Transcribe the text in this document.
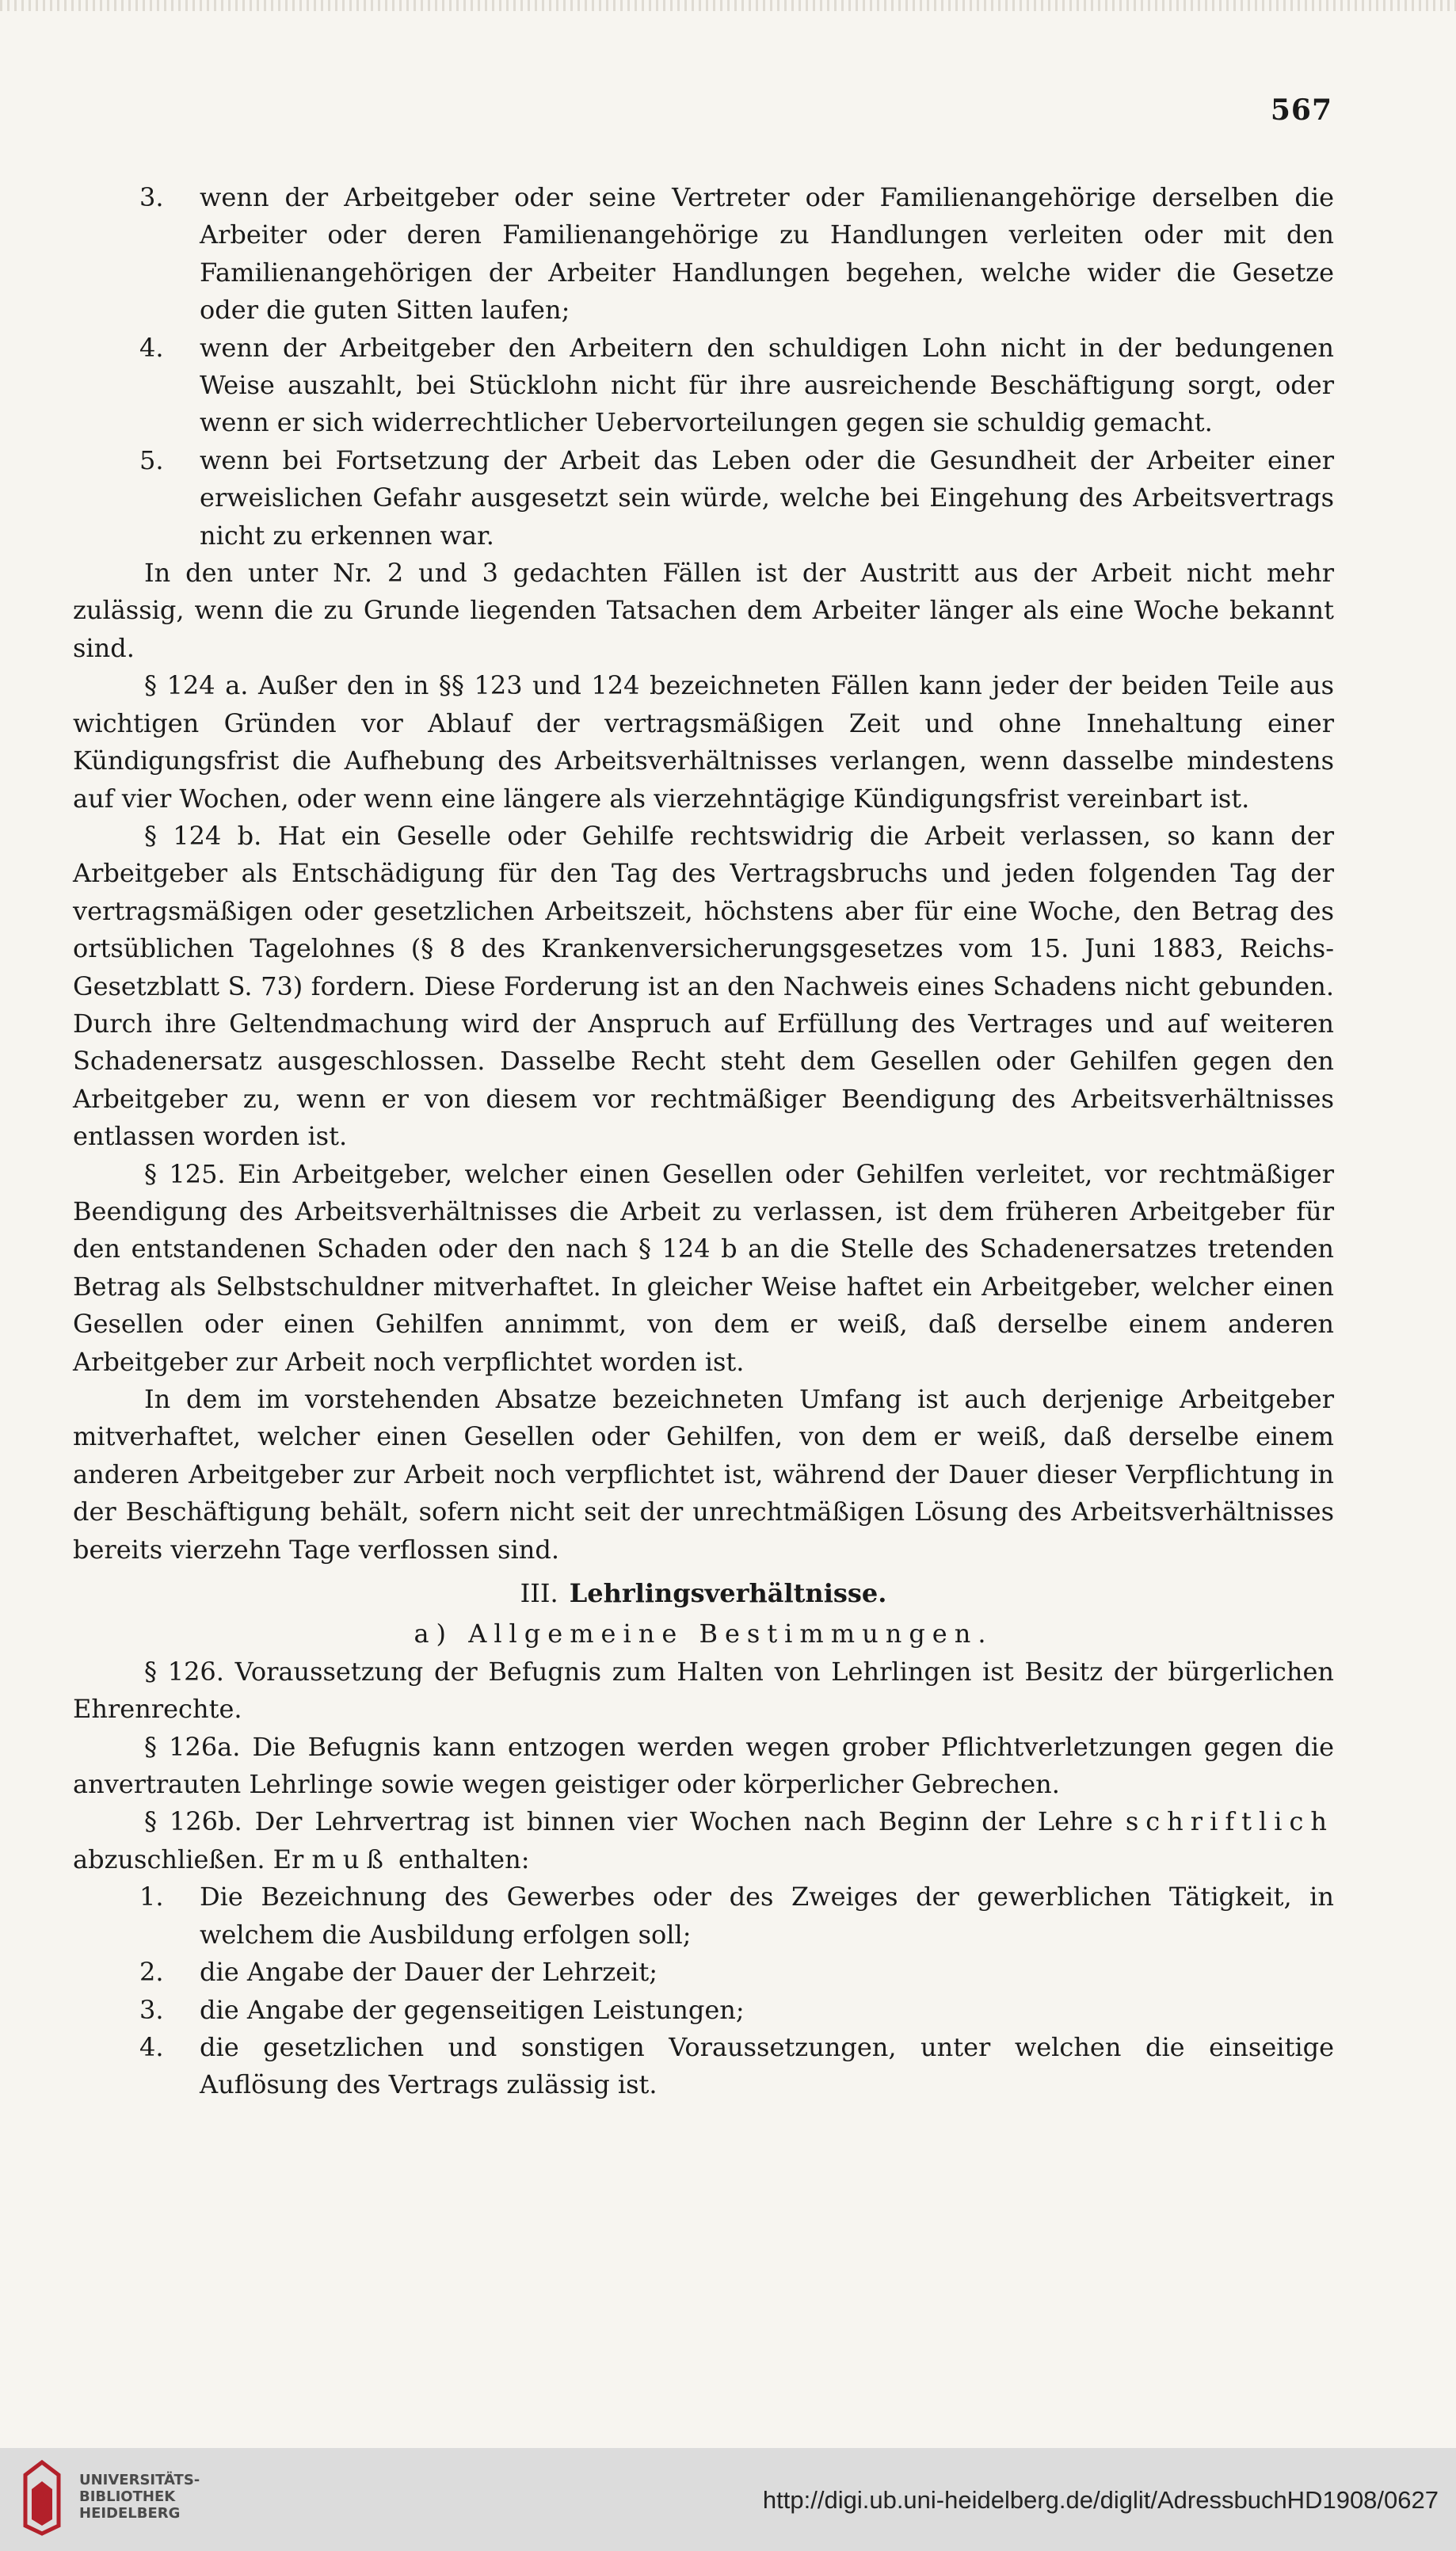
567
3.	wenn der Arbeitgeber oder seine Vertreter oder Familienangehörige derselben die Arbeiter oder deren Familienangehörige zu Handlungen verleiten oder mit den Familienangehörigen der Arbeiter Handlungen begehen, welche wider die Gesetze oder die guten Sitten laufen;
4.	wenn der Arbeitgeber den Arbeitern den schuldigen Lohn nicht in der bedungenen Weise auszahlt, bei Stücklohn nicht für ihre ausreichende Beschäftigung sorgt, oder wenn er sich widerrechtlicher Uebervorteilungen gegen sie schuldig gemacht.
5.	wenn bei Fortsetzung der Arbeit das Leben oder die Gesundheit der Arbeiter einer erweislichen Gefahr ausgesetzt sein würde, welche bei Eingehung des Arbeitsvertrags nicht zu erkennen war.

In den unter Nr. 2 und 3 gedachten Fällen ist der Austritt aus der Arbeit nicht mehr zulässig, wenn die zu Grunde liegenden Tatsachen dem Arbeiter länger als eine Woche bekannt sind.

§ 124 a. Außer den in §§ 123 und 124 bezeichneten Fällen kann jeder der beiden Teile aus wichtigen Gründen vor Ablauf der vertragsmäßigen Zeit und ohne Innehaltung einer Kündigungsfrist die Aufhebung des Arbeitsverhältnisses verlangen, wenn dasselbe mindestens auf vier Wochen, oder wenn eine längere als vierzehntägige Kündigungsfrist vereinbart ist.

§ 124 b. Hat ein Geselle oder Gehilfe rechtswidrig die Arbeit verlassen, so kann der Arbeitgeber als Entschädigung für den Tag des Vertragsbruchs und jeden folgenden Tag der vertragsmäßigen oder gesetzlichen Arbeitszeit, höchstens aber für eine Woche, den Betrag des ortsüblichen Tagelohnes (§ 8 des Krankenversicherungsgesetzes vom 15. Juni 1883, Reichs-Gesetzblatt S. 73) fordern. Diese Forderung ist an den Nachweis eines Schadens nicht gebunden. Durch ihre Geltendmachung wird der Anspruch auf Erfüllung des Vertrages und auf weiteren Schadenersatz ausgeschlossen. Dasselbe Recht steht dem Gesellen oder Gehilfen gegen den Arbeitgeber zu, wenn er von diesem vor rechtmäßiger Beendigung des Arbeitsverhältnisses entlassen worden ist.

§ 125. Ein Arbeitgeber, welcher einen Gesellen oder Gehilfen verleitet, vor rechtmäßiger Beendigung des Arbeitsverhältnisses die Arbeit zu verlassen, ist dem früheren Arbeitgeber für den entstandenen Schaden oder den nach § 124 b an die Stelle des Schadenersatzes tretenden Betrag als Selbstschuldner mitverhaftet. In gleicher Weise haftet ein Arbeitgeber, welcher einen Gesellen oder einen Gehilfen annimmt, von dem er weiß, daß derselbe einem anderen Arbeitgeber zur Arbeit noch verpflichtet worden ist.

In dem im vorstehenden Absatze bezeichneten Umfang ist auch derjenige Arbeitgeber mitverhaftet, welcher einen Gesellen oder Gehilfen, von dem er weiß, daß derselbe einem anderen Arbeitgeber zur Arbeit noch verpflichtet ist, während der Dauer dieser Verpflichtung in der Beschäftigung behält, sofern nicht seit der unrechtmäßigen Lösung des Arbeitsverhältnisses bereits vierzehn Tage verflossen sind.

III. Lehrlingsverhältnisse.

a) Allgemeine Bestimmungen.

§ 126. Voraussetzung der Befugnis zum Halten von Lehrlingen ist Besitz der bürgerlichen Ehrenrechte.

§ 126a. Die Befugnis kann entzogen werden wegen grober Pflichtverletzungen gegen die anvertrauten Lehrlinge sowie wegen geistiger oder körperlicher Gebrechen.

§ 126b. Der Lehrvertrag ist binnen vier Wochen nach Beginn der Lehre schriftlich abzuschließen. Er muß enthalten:

1.	Die Bezeichnung des Gewerbes oder des Zweiges der gewerblichen Tätigkeit, in welchem die Ausbildung erfolgen soll;
2.	die Angabe der Dauer der Lehrzeit;
3.	die Angabe der gegenseitigen Leistungen;
4.	die gesetzlichen und sonstigen Voraussetzungen, unter welchen die einseitige Auflösung des Vertrags zulässig ist.
UNIVERSITÄTS-
BIBLIOTHEK
HEIDELBERG	http://digi.ub.uni-heidelberg.de/diglit/AdressbuchHD1908/0627
